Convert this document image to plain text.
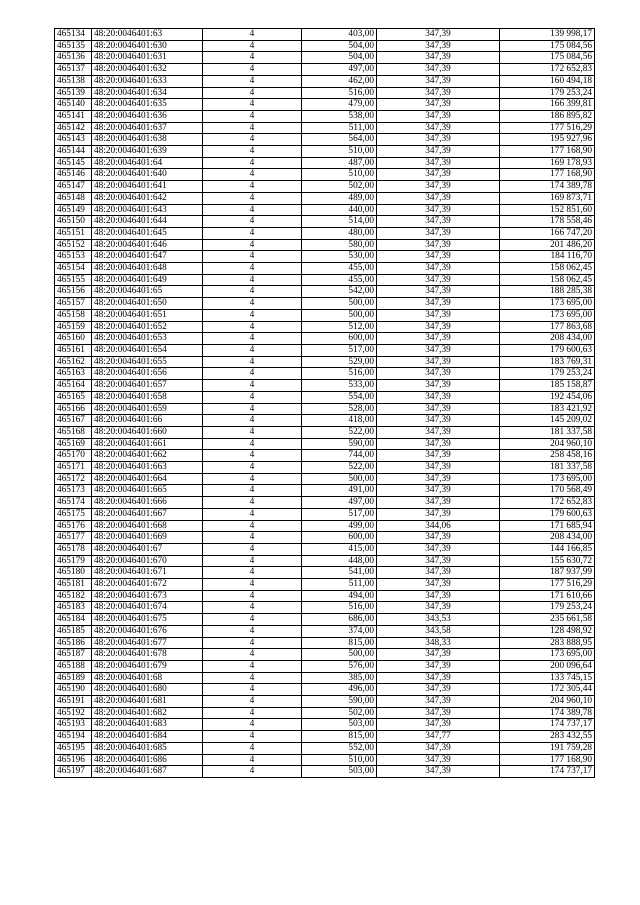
465134	48:20:0046401:63	4	403,00	347,39	139 998,17
465135	48:20:0046401:630	4	504,00	347,39	175 084,56
465136	48:20:0046401:631	4	504,00	347,39	175 084,56
465137	48:20:0046401:632	4	497,00	347,39	172 652,83
465138	48:20:0046401:633	4	462,00	347,39	160 494,18
465139	48:20:0046401:634	4	516,00	347,39	179 253,24
465140	48:20:0046401:635	4	479,00	347,39	166 399,81
465141	48:20:0046401:636	4	538,00	347,39	186 895,82
465142	48:20:0046401:637	4	511,00	347,39	177 516,29
465143	48:20:0046401:638	4	564,00	347,39	195 927,96
465144	48:20:0046401:639	4	510,00	347,39	177 168,90
465145	48:20:0046401:64	4	487,00	347,39	169 178,93
465146	48:20:0046401:640	4	510,00	347,39	177 168,90
465147	48:20:0046401:641	4	502,00	347,39	174 389,78
465148	48:20:0046401:642	4	489,00	347,39	169 873,71
465149	48:20:0046401:643	4	440,00	347,39	152 851,60
465150	48:20:0046401:644	4	514,00	347,39	178 558,46
465151	48:20:0046401:645	4	480,00	347,39	166 747,20
465152	48:20:0046401:646	4	580,00	347,39	201 486,20
465153	48:20:0046401:647	4	530,00	347,39	184 116,70
465154	48:20:0046401:648	4	455,00	347,39	158 062,45
465155	48:20:0046401:649	4	455,00	347,39	158 062,45
465156	48:20:0046401:65	4	542,00	347,39	188 285,38
465157	48:20:0046401:650	4	500,00	347,39	173 695,00
465158	48:20:0046401:651	4	500,00	347,39	173 695,00
465159	48:20:0046401:652	4	512,00	347,39	177 863,68
465160	48:20:0046401:653	4	600,00	347,39	208 434,00
465161	48:20:0046401:654	4	517,00	347,39	179 600,63
465162	48:20:0046401:655	4	529,00	347,39	183 769,31
465163	48:20:0046401:656	4	516,00	347,39	179 253,24
465164	48:20:0046401:657	4	533,00	347,39	185 158,87
465165	48:20:0046401:658	4	554,00	347,39	192 454,06
465166	48:20:0046401:659	4	528,00	347,39	183 421,92
465167	48:20:0046401:66	4	418,00	347,39	145 209,02
465168	48:20:0046401:660	4	522,00	347,39	181 337,58
465169	48:20:0046401:661	4	590,00	347,39	204 960,10
465170	48:20:0046401:662	4	744,00	347,39	258 458,16
465171	48:20:0046401:663	4	522,00	347,39	181 337,58
465172	48:20:0046401:664	4	500,00	347,39	173 695,00
465173	48:20:0046401:665	4	491,00	347,39	170 568,49
465174	48:20:0046401:666	4	497,00	347,39	172 652,83
465175	48:20:0046401:667	4	517,00	347,39	179 600,63
465176	48:20:0046401:668	4	499,00	344,06	171 685,94
465177	48:20:0046401:669	4	600,00	347,39	208 434,00
465178	48:20:0046401:67	4	415,00	347,39	144 166,85
465179	48:20:0046401:670	4	448,00	347,39	155 630,72
465180	48:20:0046401:671	4	541,00	347,39	187 937,99
465181	48:20:0046401:672	4	511,00	347,39	177 516,29
465182	48:20:0046401:673	4	494,00	347,39	171 610,66
465183	48:20:0046401:674	4	516,00	347,39	179 253,24
465184	48:20:0046401:675	4	686,00	343,53	235 661,58
465185	48:20:0046401:676	4	374,00	343,58	128 498,92
465186	48:20:0046401:677	4	815,00	348,33	283 888,95
465187	48:20:0046401:678	4	500,00	347,39	173 695,00
465188	48:20:0046401:679	4	576,00	347,39	200 096,64
465189	48:20:0046401:68	4	385,00	347,39	133 745,15
465190	48:20:0046401:680	4	496,00	347,39	172 305,44
465191	48:20:0046401:681	4	590,00	347,39	204 960,10
465192	48:20:0046401:682	4	502,00	347,39	174 389,78
465193	48:20:0046401:683	4	503,00	347,39	174 737,17
465194	48:20:0046401:684	4	815,00	347,77	283 432,55
465195	48:20:0046401:685	4	552,00	347,39	191 759,28
465196	48:20:0046401:686	4	510,00	347,39	177 168,90
465197	48:20:0046401:687	4	503,00	347,39	174 737,17
